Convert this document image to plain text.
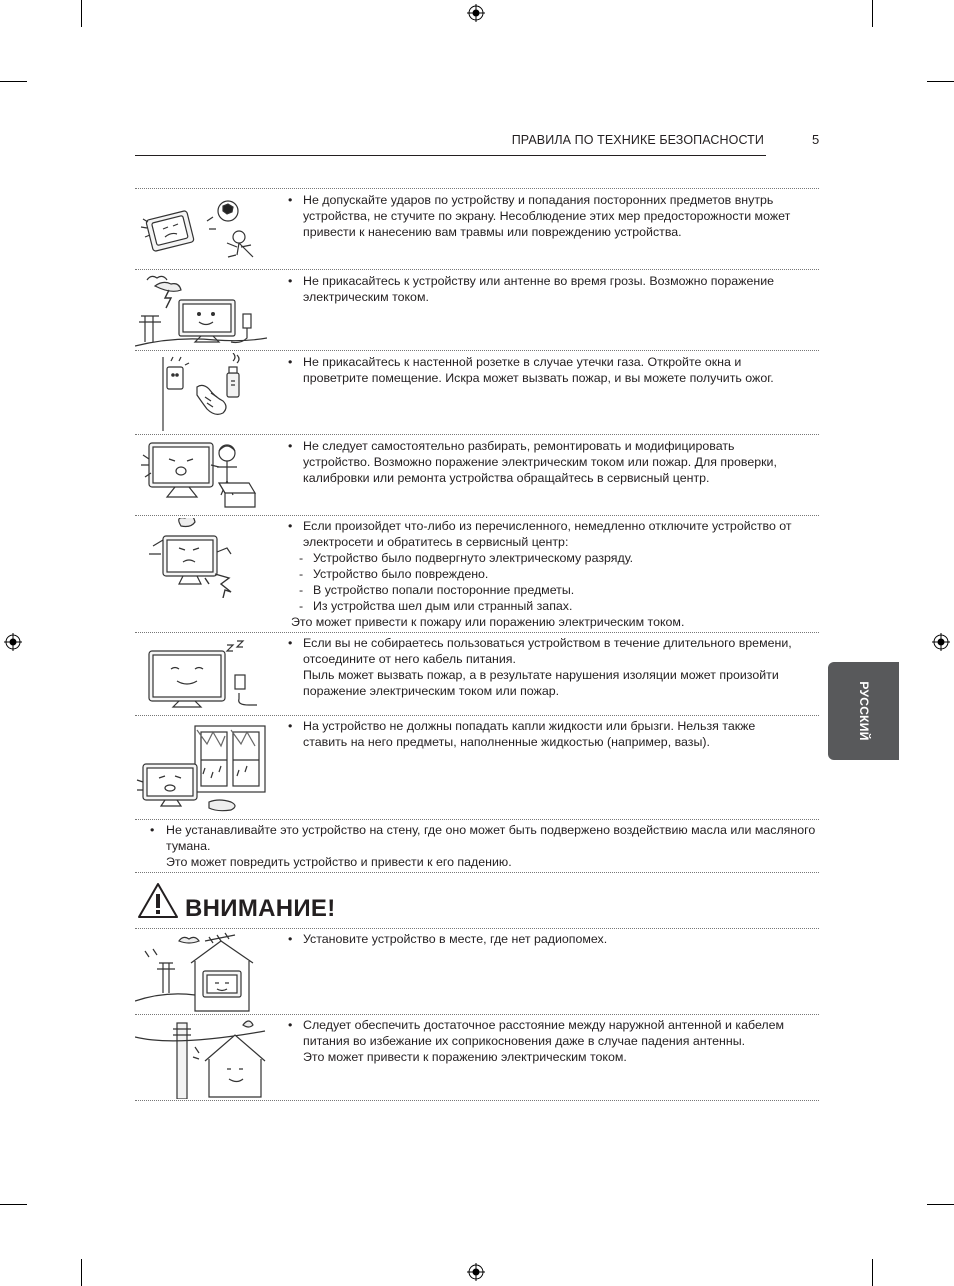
ПРАВИЛА ПО ТЕХНИКЕ БЕЗОПАСНОСТИ	5
РУССКИЙ
• Не допускайте ударов по устройству и попадания посторонних предметов внутрь устройства, не стучите по экрану. Несоблюдение этих мер предосторожности может привести к нанесению вам травмы или повреждению устройства.
• Не прикасайтесь к устройству или антенне во время грозы. Возможно поражение электрическим током.
• Не прикасайтесь к настенной розетке в случае утечки газа. Откройте окна и проветрите помещение. Искра может вызвать пожар, и вы можете получить ожог.
• Не следует самостоятельно разбирать, ремонтировать и модифицировать устройство. Возможно поражение электрическим током или пожар. Для проверки, калибровки или ремонта устройства обращайтесь в сервисный центр.
• Если произойдет что-либо из перечисленного, немедленно отключите устройство от электросети и обратитесь в сервисный центр:
- Устройство было подвергнуто электрическому разряду.
- Устройство было повреждено.
- В устройство попали посторонние предметы.
- Из устройства шел дым или странный запах.
Это может привести к пожару или поражению электрическим током.
• Если вы не собираетесь пользоваться устройством в течение длительного времени, отсоедините от него кабель питания.
Пыль может вызвать пожар, а в результате нарушения изоляции может произойти поражение электрическим током или пожар.
• На устройство не должны попадать капли жидкости или брызги. Нельзя также ставить на него предметы, наполненные жидкостью (например, вазы).
• Не устанавливайте это устройство на стену, где оно может быть подвержено воздействию масла или масляного тумана.
Это может повредить устройство и привести к его падению.
ВНИМАНИЕ!
• Установите устройство в месте, где нет радиопомех.
• Следует обеспечить достаточное расстояние между наружной антенной и кабелем питания во избежание их соприкосновения даже в случае падения антенны.
Это может привести к поражению электрическим током.
